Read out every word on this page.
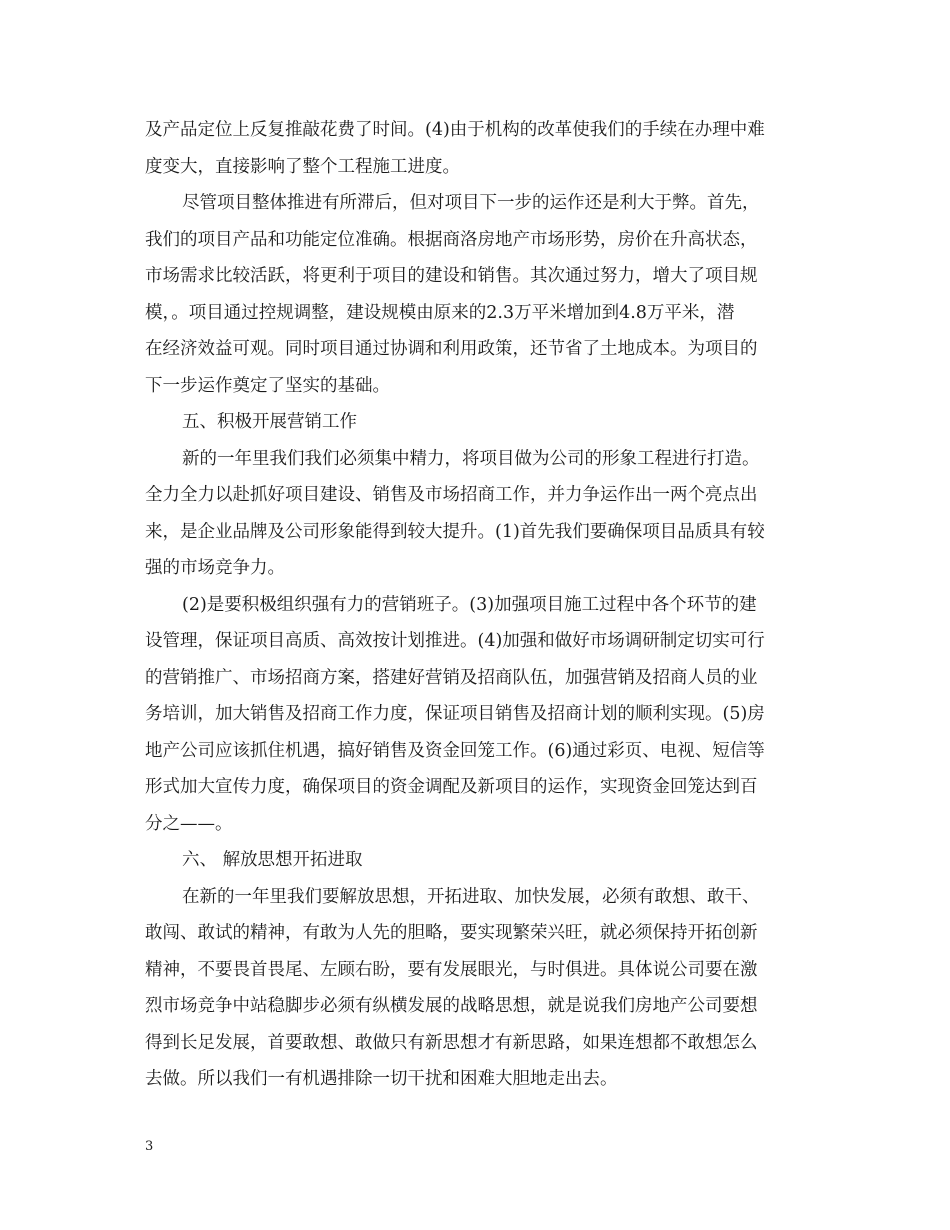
及产品定位上反复推敲花费了时间。(4)由于机构的改革使我们的手续在办理中难
度变大，直接影响了整个工程施工进度。
尽管项目整体推进有所滞后，但对项目下一步的运作还是利大于弊。首先，
我们的项目产品和功能定位准确。根据商洛房地产市场形势，房价在升高状态，
市场需求比较活跃，将更利于项目的建设和销售。其次通过努力，增大了项目规
模，。项目通过控规调整，建设规模由原来的2.3万平米增加到4.8万平米，潜
在经济效益可观。同时项目通过协调和利用政策，还节省了土地成本。为项目的
下一步运作奠定了坚实的基础。
五、积极开展营销工作
新的一年里我们我们必须集中精力，将项目做为公司的形象工程进行打造。
全力全力以赴抓好项目建设、销售及市场招商工作，并力争运作出一两个亮点出
来，是企业品牌及公司形象能得到较大提升。(1)首先我们要确保项目品质具有较
强的市场竞争力。
(2)是要积极组织强有力的营销班子。(3)加强项目施工过程中各个环节的建
设管理，保证项目高质、高效按计划推进。(4)加强和做好市场调研制定切实可行
的营销推广、市场招商方案，搭建好营销及招商队伍，加强营销及招商人员的业
务培训，加大销售及招商工作力度，保证项目销售及招商计划的顺利实现。(5)房
地产公司应该抓住机遇，搞好销售及资金回笼工作。(6)通过彩页、电视、短信等
形式加大宣传力度，确保项目的资金调配及新项目的运作，实现资金回笼达到百
分之——。
六、 解放思想开拓进取
在新的一年里我们要解放思想，开拓进取、加快发展，必须有敢想、敢干、
敢闯、敢试的精神，有敢为人先的胆略，要实现繁荣兴旺，就必须保持开拓创新
精神，不要畏首畏尾、左顾右盼，要有发展眼光，与时俱进。具体说公司要在激
烈市场竞争中站稳脚步必须有纵横发展的战略思想，就是说我们房地产公司要想
得到长足发展，首要敢想、敢做只有新思想才有新思路，如果连想都不敢想怎么
去做。所以我们一有机遇排除一切干扰和困难大胆地走出去。
3
